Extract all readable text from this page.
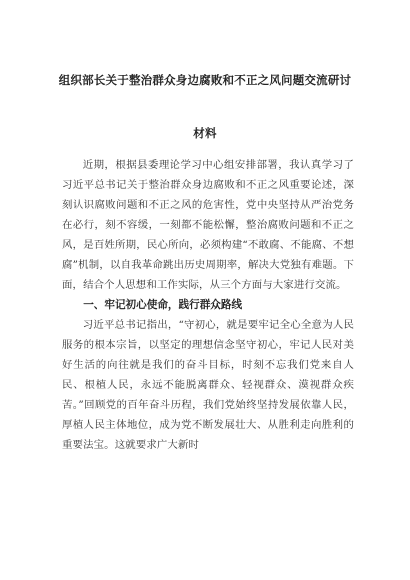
组织部长关于整治群众身边腐败和不正之风问题交流研讨
材料

近期，根据县委理论学习中心组安排部署，我认真学习了习近平总书记关于整治群众身边腐败和不正之风重要论述，深刻认识腐败问题和不正之风的危害性，党中央坚持从严治党务在必行，刻不容缓，一刻都不能松懈，整治腐败问题和不正之风，是百姓所期，民心所向，必须构建“不敢腐、不能腐、不想腐”机制，以自我革命跳出历史周期率，解决大党独有难题。下面，结合个人思想和工作实际，从三个方面与大家进行交流。

一、牢记初心使命，践行群众路线

习近平总书记指出，“守初心，就是要牢记全心全意为人民服务的根本宗旨，以坚定的理想信念坚守初心，牢记人民对美好生活的向往就是我们的奋斗目标，时刻不忘我们党来自人民、根植人民，永远不能脱离群众、轻视群众、漠视群众疾苦。”回顾党的百年奋斗历程，我们党始终坚持发展依靠人民，厚植人民主体地位，成为党不断发展壮大、从胜利走向胜利的重要法宝。这就要求广大新时
